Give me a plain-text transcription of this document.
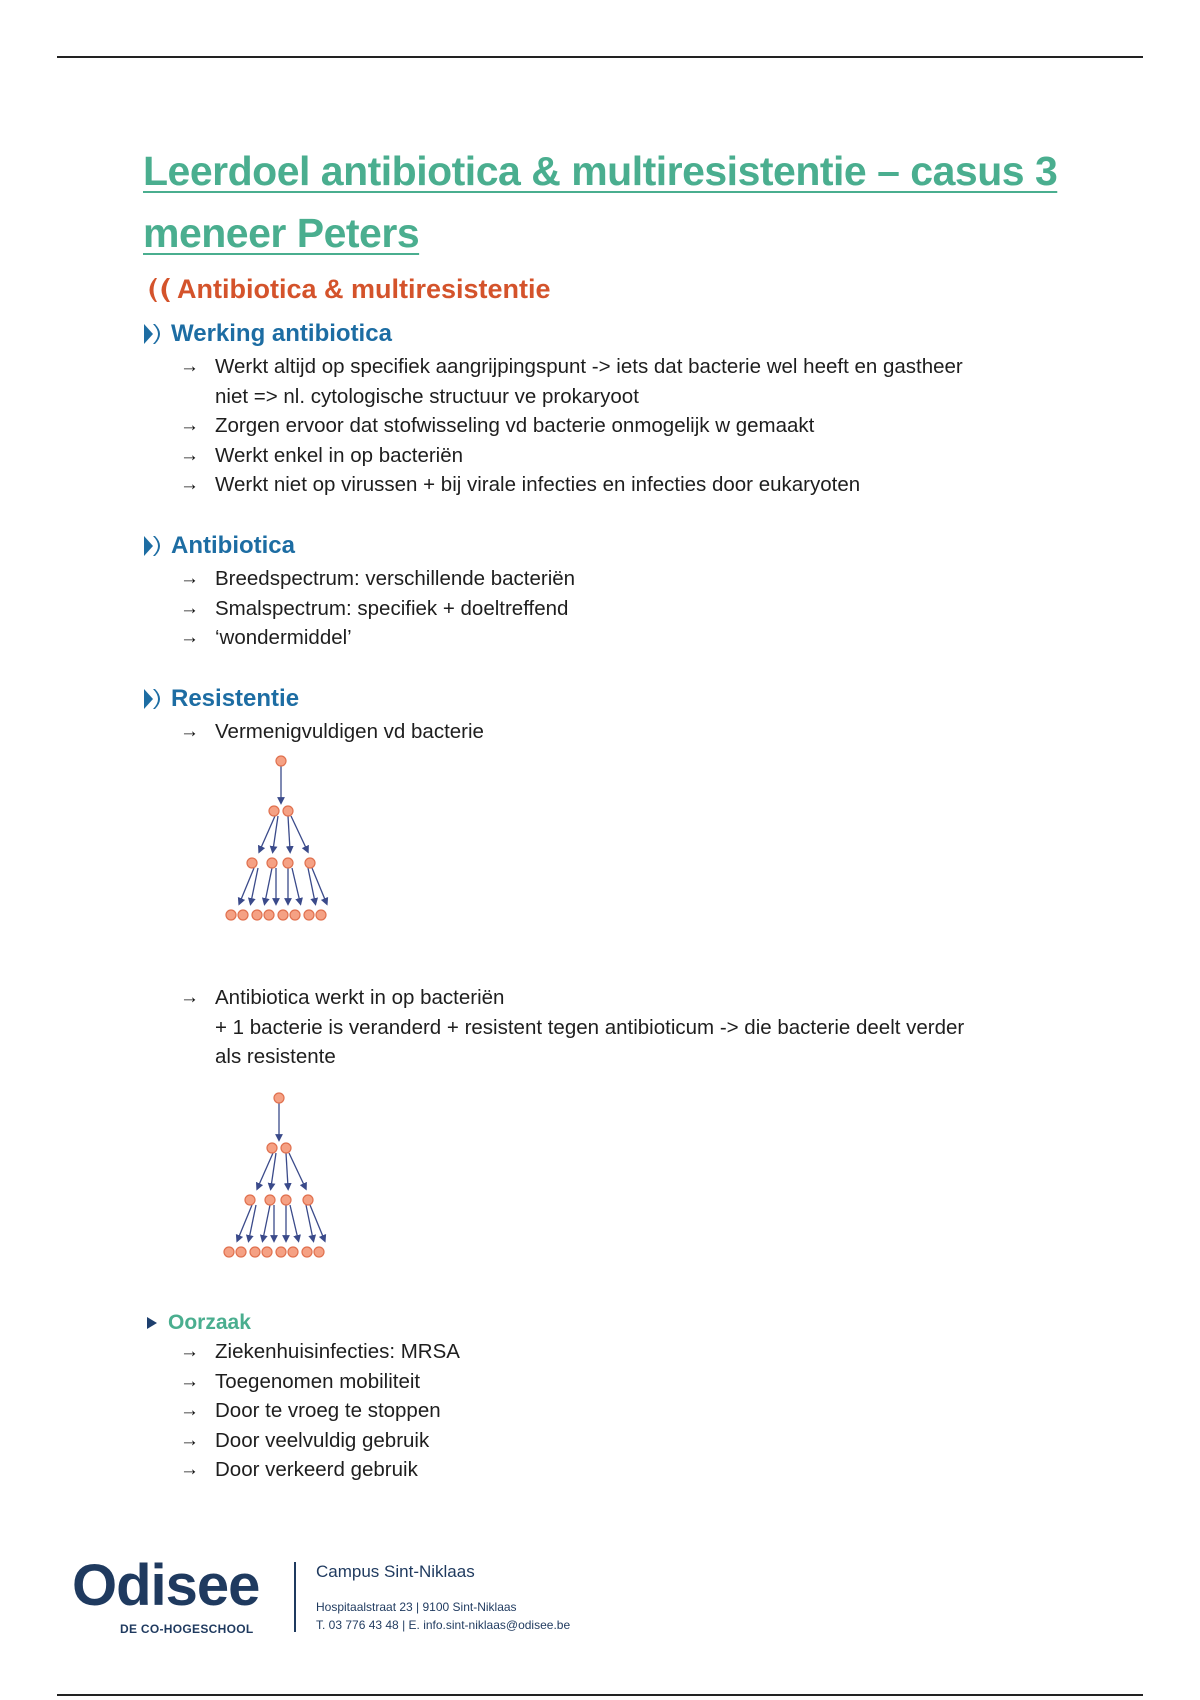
Leerdoel antibiotica & multiresistentie – casus 3 meneer Peters
Antibiotica & multiresistentie
Werking antibiotica
→ Werkt altijd op specifiek aangrijpingspunt -> iets dat bacterie wel heeft en gastheer
niet => nl. cytologische structuur ve prokaryoot
→ Zorgen ervoor dat stofwisseling vd bacterie onmogelijk w gemaakt
→ Werkt enkel in op bacteriën
→ Werkt niet op virussen + bij virale infecties en infecties door eukaryoten
Antibiotica
→ Breedspectrum: verschillende bacteriën
→ Smalspectrum: specifiek + doeltreffend
→ ‘wondermiddel’
Resistentie
→ Vermenigvuldigen vd bacterie
→ Antibiotica werkt in op bacteriën
+ 1 bacterie is veranderd + resistent tegen antibioticum -> die bacterie deelt verder
als resistente
Oorzaak
→ Ziekenhuisinfecties: MRSA
→ Toegenomen mobiliteit
→ Door te vroeg te stoppen
→ Door veelvuldig gebruik
→ Door verkeerd gebruik
Odisee
DE CO-HOGESCHOOL
Campus Sint-Niklaas
Hospitaalstraat 23 | 9100 Sint-Niklaas
T. 03 776 43 48 | E. info.sint-niklaas@odisee.be
